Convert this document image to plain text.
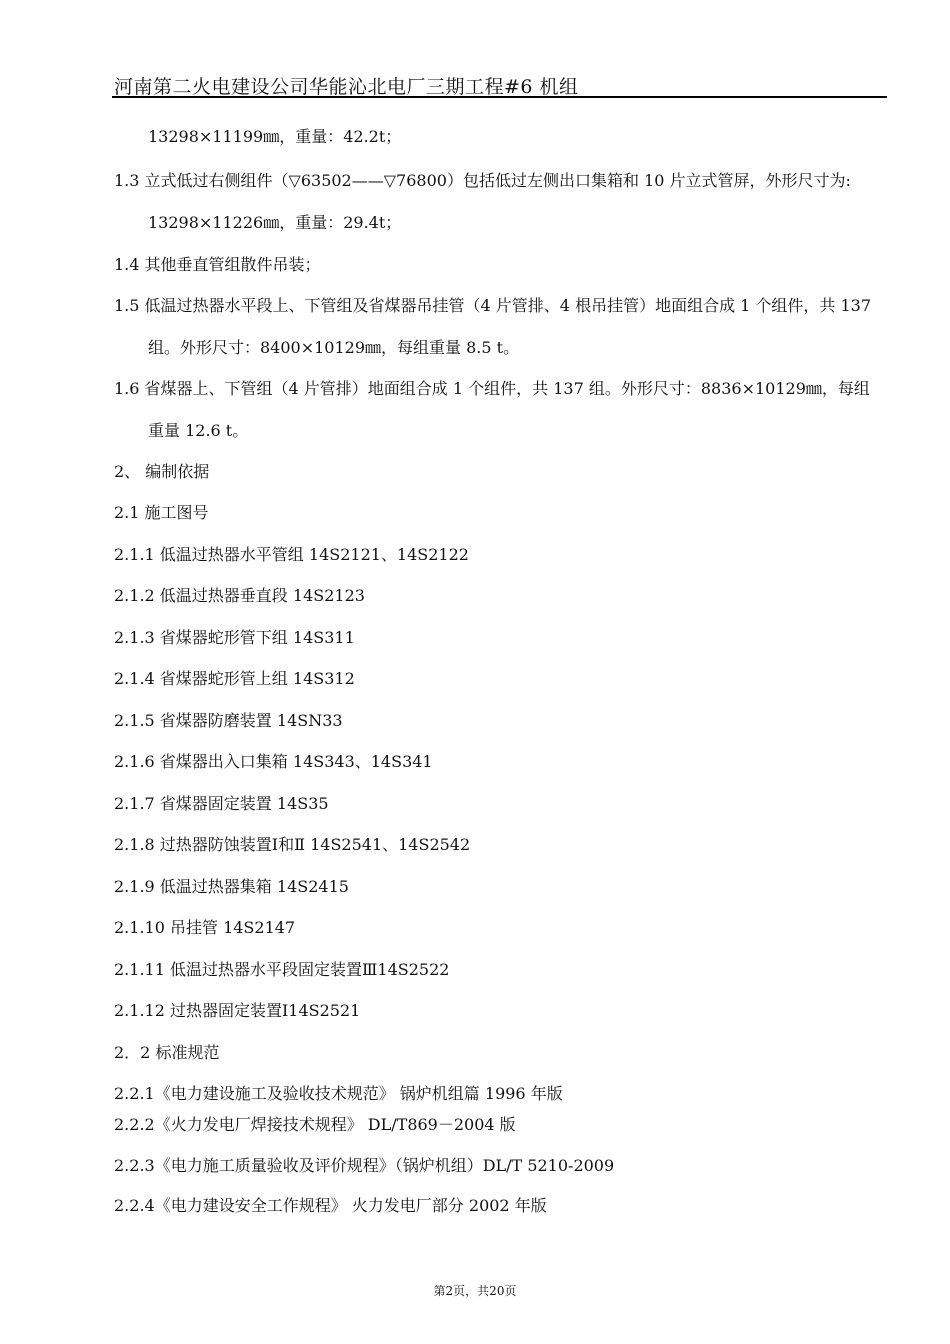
河南第二火电建设公司华能沁北电厂三期工程#6 机组
13298×11199㎜，重量：42.2t；
1.3 立式低过右侧组件（▽63502——▽76800）包括低过左侧出口集箱和 10 片立式管屏，外形尺寸为:
13298×11226㎜，重量：29.4t；
1.4 其他垂直管组散件吊装；
1.5 低温过热器水平段上、下管组及省煤器吊挂管（4 片管排、4 根吊挂管）地面组合成 1 个组件，共 137
组。外形尺寸：8400×10129㎜，每组重量 8.5 t。
1.6 省煤器上、下管组（4 片管排）地面组合成 1 个组件，共 137 组。外形尺寸：8836×10129㎜，每组
重量 12.6 t。
2、 编制依据
2.1 施工图号
2.1.1 低温过热器水平管组 14S2121、14S2122
2.1.2 低温过热器垂直段 14S2123
2.1.3 省煤器蛇形管下组 14S311
2.1.4 省煤器蛇形管上组 14S312
2.1.5 省煤器防磨装置 14SN33
2.1.6 省煤器出入口集箱 14S343、14S341
2.1.7 省煤器固定装置 14S35
2.1.8 过热器防蚀装置Ⅰ和Ⅱ 14S2541、14S2542
2.1.9 低温过热器集箱 14S2415
2.1.10 吊挂管 14S2147
2.1.11 低温过热器水平段固定装置Ⅲ14S2522
2.1.12 过热器固定装置Ⅰ14S2521
2．2 标准规范
2.2.1《电力建设施工及验收技术规范》 锅炉机组篇 1996 年版
2.2.2《火力发电厂焊接技术规程》 DL/T869－2004 版
2.2.3《电力施工质量验收及评价规程》（锅炉机组）DL/T 5210-2009
2.2.4《电力建设安全工作规程》 火力发电厂部分 2002 年版
第2页，共20页
